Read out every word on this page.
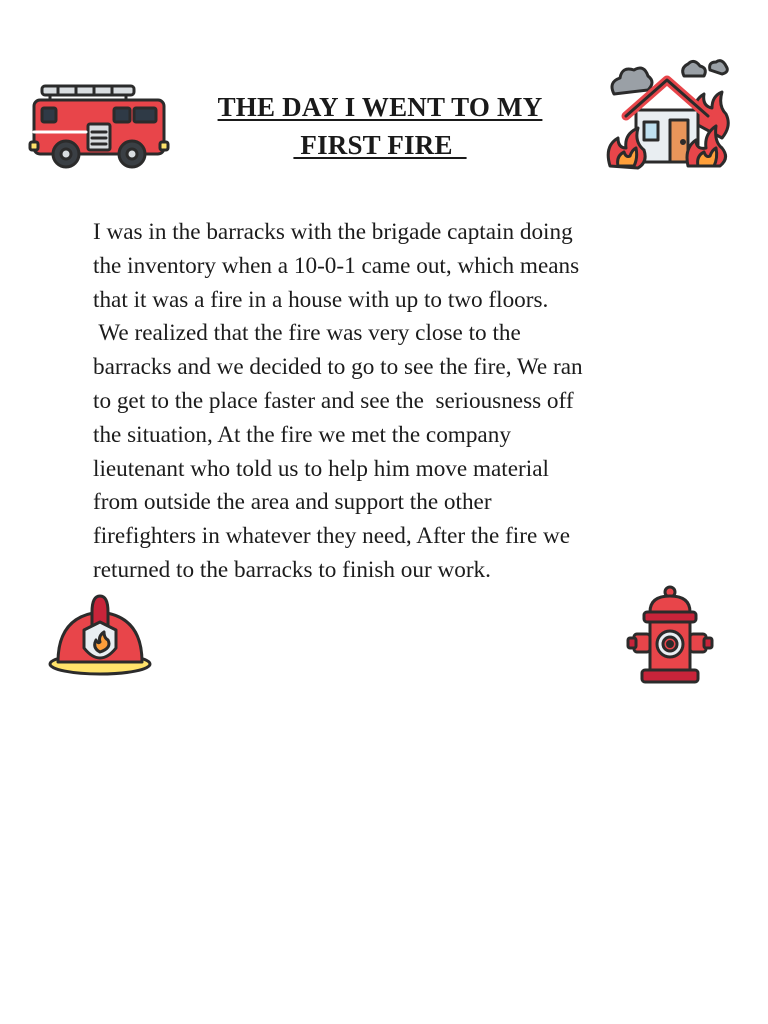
THE DAY I WENT TO MY
FIRST FIRE
I was in the barracks with the brigade captain doing
the inventory when a 10-0-1 came out, which means
that it was a fire in a house with up to two floors.
We realized that the fire was very close to the
barracks and we decided to go to see the fire, We ran
to get to the place faster and see the  seriousness off
the situation, At the fire we met the company
lieutenant who told us to help him move material
from outside the area and support the other
firefighters in whatever they need, After the fire we
returned to the barracks to finish our work.
